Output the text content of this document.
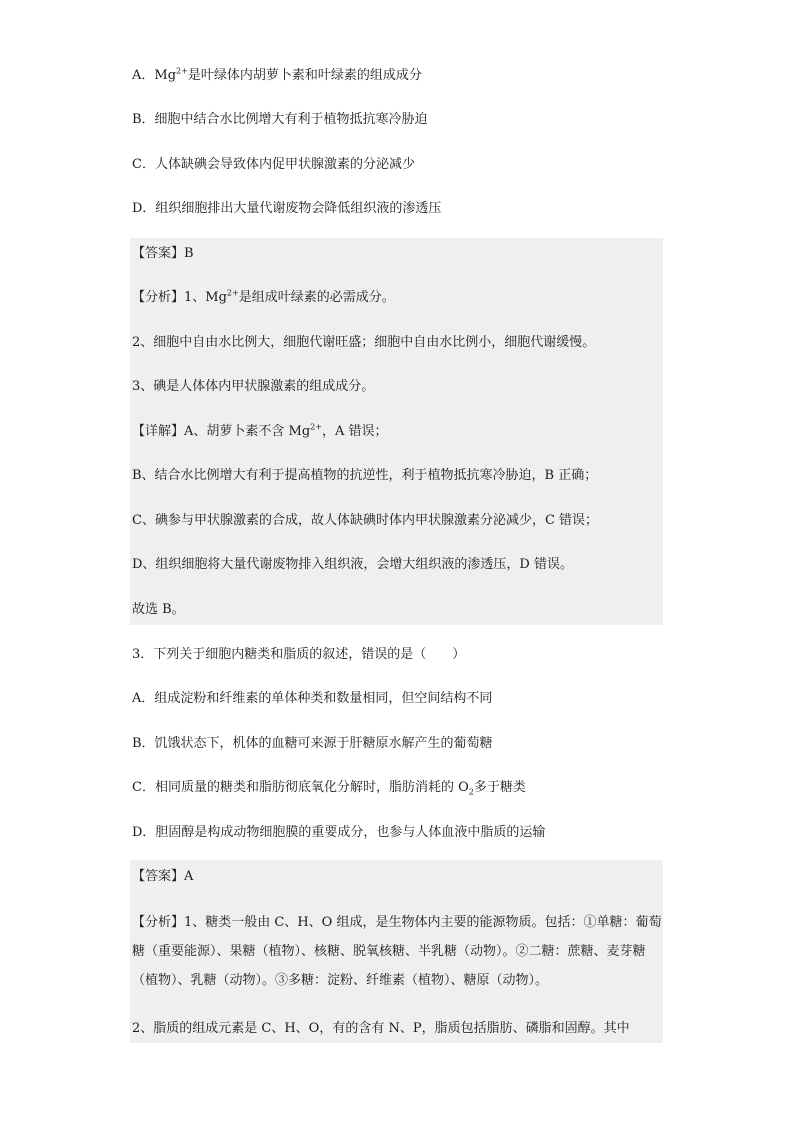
A．$Mg^{2+}$是叶绿体内胡萝卜素和叶绿素的组成成分
B．细胞中结合水比例增大有利于植物抵抗寒冷胁迫
C．人体缺碘会导致体内促甲状腺激素的分泌减少
D．组织细胞排出大量代谢废物会降低组织液的渗透压
【答案】B
【分析】1、$Mg^{2+}$是组成叶绿素的必需成分。
2、细胞中自由水比例大，细胞代谢旺盛；细胞中自由水比例小，细胞代谢缓慢。
3、碘是人体体内甲状腺激素的组成成分。
【详解】A、胡萝卜素不含 $Mg^{2+}$，A 错误；
B、结合水比例增大有利于提高植物的抗逆性，利于植物抵抗寒冷胁迫，B 正确；
C、碘参与甲状腺激素的合成，故人体缺碘时体内甲状腺激素分泌减少，C 错误；
D、组织细胞将大量代谢废物排入组织液，会增大组织液的渗透压，D 错误。
故选 B。
3．下列关于细胞内糖类和脂质的叙述，错误的是（　　）
A．组成淀粉和纤维素的单体种类和数量相同，但空间结构不同
B．饥饿状态下，机体的血糖可来源于肝糖原水解产生的葡萄糖
C．相同质量的糖类和脂肪彻底氧化分解时，脂肪消耗的 $O_2$多于糖类
D．胆固醇是构成动物细胞膜的重要成分，也参与人体血液中脂质的运输
【答案】A
【分析】1、糖类一般由 C、H、O 组成，是生物体内主要的能源物质。包括：①单糖：葡萄糖（重要能源）、果糖（植物）、核糖、脱氧核糖、半乳糖（动物）。②二糖：蔗糖、麦芽糖（植物）、乳糖（动物）。③多糖：淀粉、纤维素（植物）、糖原（动物）。
2、脂质的组成元素是 C、H、O，有的含有 N、P，脂质包括脂肪、磷脂和固醇。其中
